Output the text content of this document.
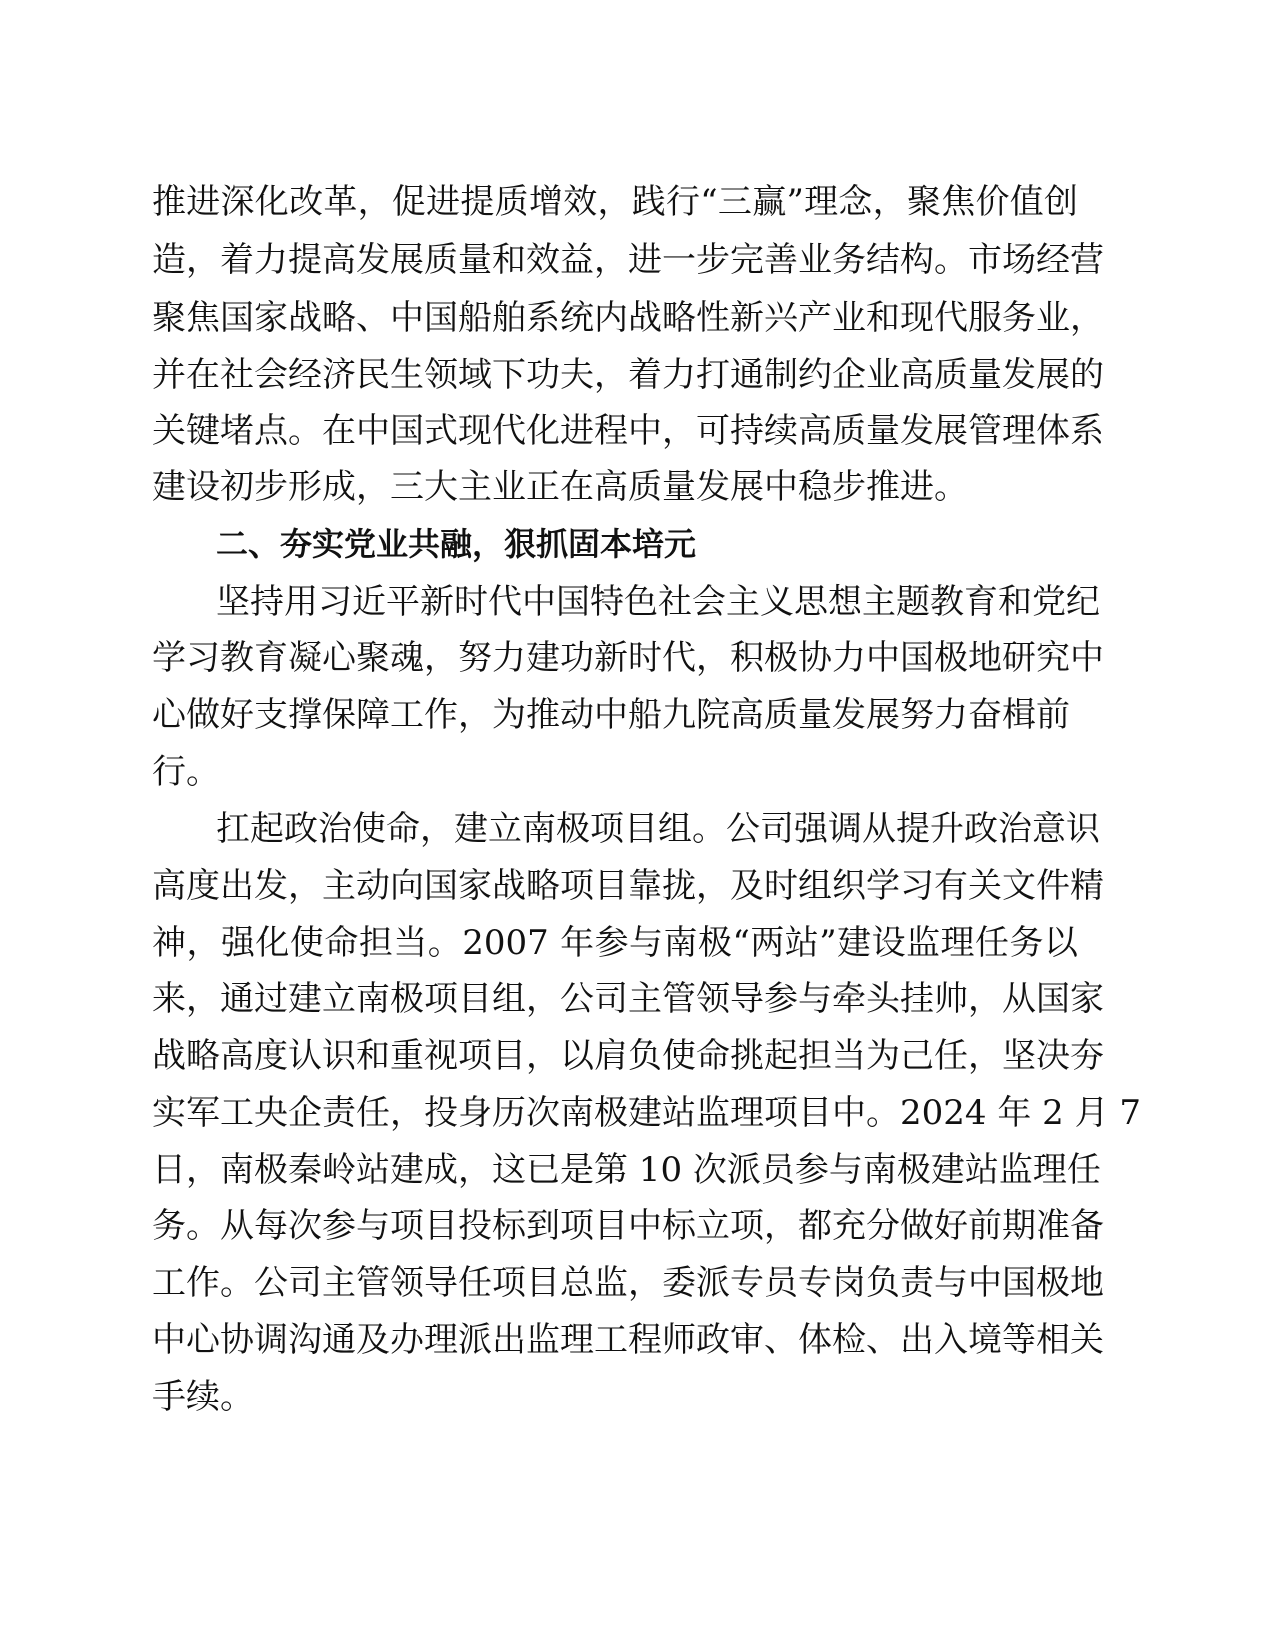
推进深化改革，促进提质增效，践行“三赢”理念，聚焦价值创
造，着力提高发展质量和效益，进一步完善业务结构。市场经营
聚焦国家战略、中国船舶系统内战略性新兴产业和现代服务业，
并在社会经济民生领域下功夫，着力打通制约企业高质量发展的
关键堵点。在中国式现代化进程中，可持续高质量发展管理体系
建设初步形成，三大主业正在高质量发展中稳步推进。
二、夯实党业共融，狠抓固本培元
坚持用习近平新时代中国特色社会主义思想主题教育和党纪
学习教育凝心聚魂，努力建功新时代，积极协力中国极地研究中
心做好支撑保障工作，为推动中船九院高质量发展努力奋楫前
行。
扛起政治使命，建立南极项目组。公司强调从提升政治意识
高度出发，主动向国家战略项目靠拢，及时组织学习有关文件精
神，强化使命担当。2007 年参与南极“两站”建设监理任务以
来，通过建立南极项目组，公司主管领导参与牵头挂帅，从国家
战略高度认识和重视项目，以肩负使命挑起担当为己任，坚决夯
实军工央企责任，投身历次南极建站监理项目中。2024 年 2 月 7
日，南极秦岭站建成，这已是第 10 次派员参与南极建站监理任
务。从每次参与项目投标到项目中标立项，都充分做好前期准备
工作。公司主管领导任项目总监，委派专员专岗负责与中国极地
中心协调沟通及办理派出监理工程师政审、体检、出入境等相关
手续。
